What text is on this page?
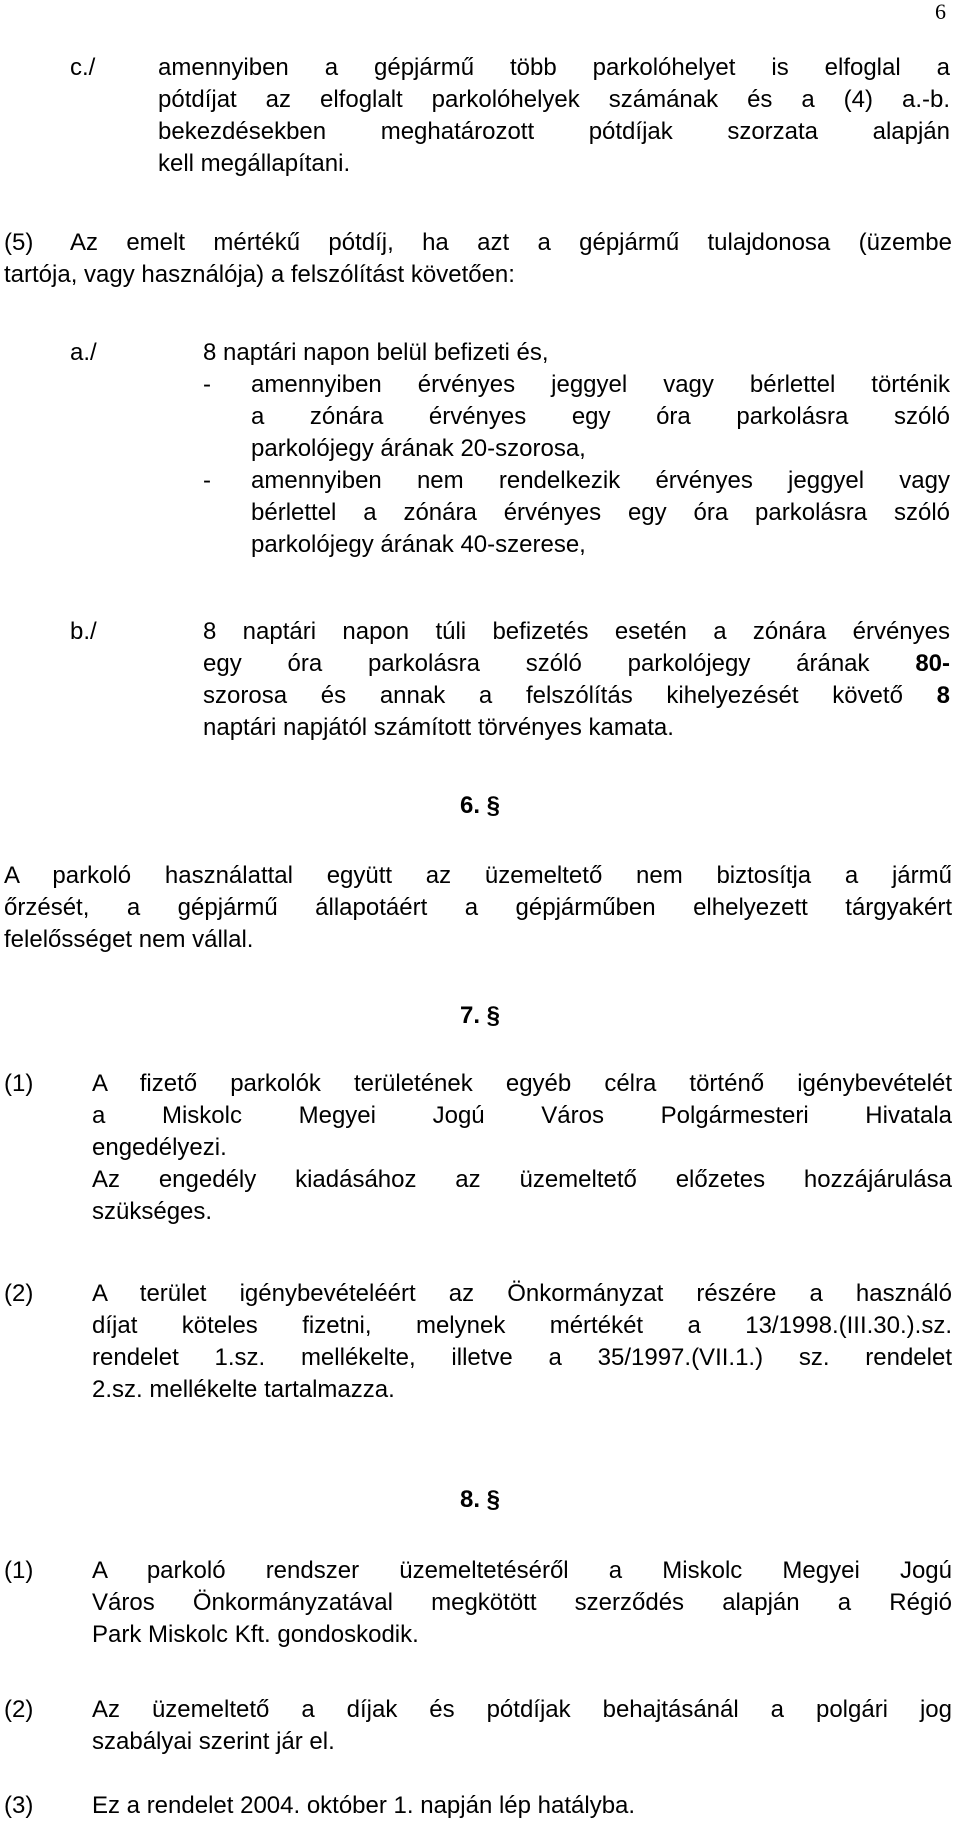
6
c./	amennyiben a gépjármű több parkolóhelyet is elfoglal a
pótdíjat az elfoglalt parkolóhelyek számának és a (4) a.-b.
bekezdésekben meghatározott pótdíjak szorzata alapján
kell megállapítani.
(5)	Az emelt mértékű pótdíj, ha azt a gépjármű tulajdonosa (üzembe
tartója, vagy használója) a felszólítást követően:
a./	8 naptári napon belül befizeti és,
-	amennyiben érvényes jeggyel vagy bérlettel történik
a zónára érvényes egy óra parkolásra szóló
parkolójegy árának 20-szorosa,
-	amennyiben nem rendelkezik érvényes jeggyel vagy
bérlettel a zónára érvényes egy óra parkolásra szóló
parkolójegy árának 40-szerese,
b./	8 naptári napon túli befizetés esetén a zónára érvényes
egy óra parkolásra szóló parkolójegy árának 80-
szorosa és annak a felszólítás kihelyezését követő 8
naptári napjától számított törvényes kamata.
6. §
A parkoló használattal együtt az üzemeltető nem biztosítja a jármű
őrzését, a gépjármű állapotáért a gépjárműben elhelyezett tárgyakért
felelősséget nem vállal.
7. §
(1)	A fizető parkolók területének egyéb célra történő igénybevételét
a Miskolc Megyei Jogú Város Polgármesteri Hivatala
engedélyezi.
Az engedély kiadásához az üzemeltető előzetes hozzájárulása
szükséges.
(2)	A terület igénybevételéért az Önkormányzat részére a használó
díjat köteles fizetni, melynek mértékét a 13/1998.(III.30.).sz.
rendelet 1.sz. mellékelte, illetve a 35/1997.(VII.1.) sz. rendelet
2.sz. mellékelte tartalmazza.
8. §
(1)	A parkoló rendszer üzemeltetéséről a Miskolc Megyei Jogú
Város Önkormányzatával megkötött szerződés alapján a Régió
Park Miskolc Kft. gondoskodik.
(2)	Az üzemeltető a díjak és pótdíjak behajtásánál a polgári jog
szabályai szerint jár el.
(3)	Ez a rendelet 2004. október 1. napján lép hatályba.
